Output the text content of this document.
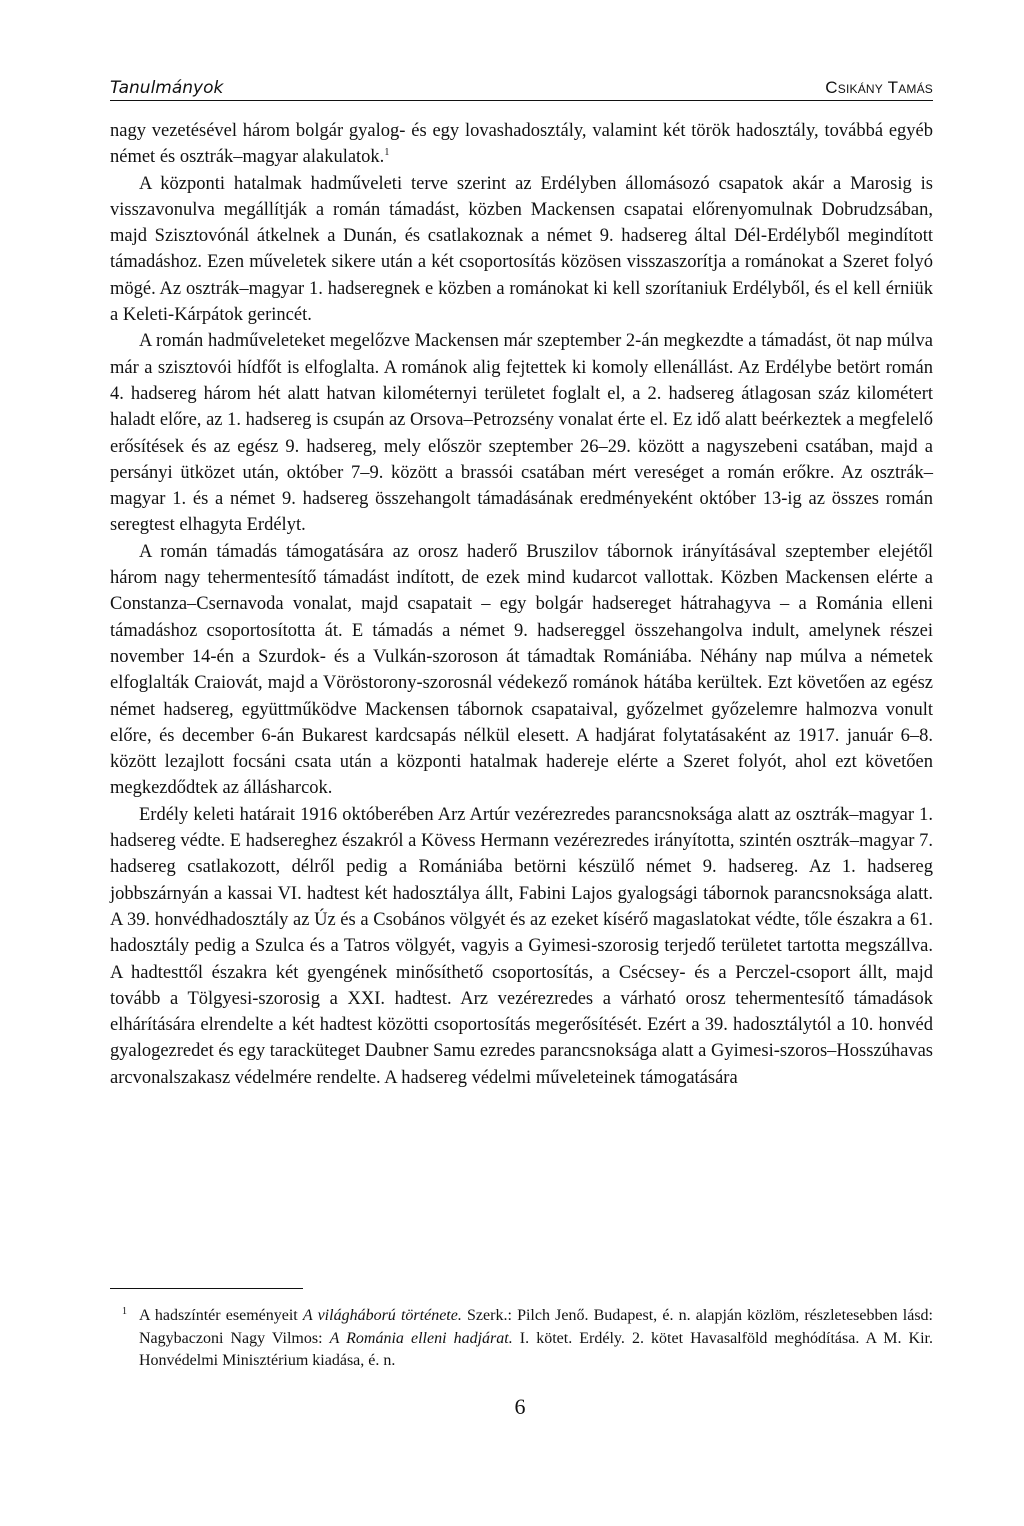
Tanulmányok	Csikány Tamás

nagy vezetésével három bolgár gyalog- és egy lovashadosztály, valamint két török hadosztály, továbbá egyéb német és osztrák–magyar alakulatok.$^1$

A központi hatalmak hadműveleti terve szerint az Erdélyben állomásozó csapatok akár a Marosig is visszavonulva megállítják a román támadást, közben Mackensen csapatai előrenyomulnak Dobrudzsában, majd Szisztovónál átkelnek a Dunán, és csatlakoznak a német 9. hadsereg által Dél-Erdélyből megindított támadáshoz. Ezen műveletek sikere után a két csoportosítás közösen visszaszorítja a románokat a Szeret folyó mögé. Az osztrák–magyar 1. hadseregnek e közben a románokat ki kell szorítaniuk Erdélyből, és el kell érniük a Keleti-Kárpátok gerincét.

A román hadműveleteket megelőzve Mackensen már szeptember 2-án megkezdte a támadást, öt nap múlva már a szisztovói hídfőt is elfoglalta. A románok alig fejtettek ki komoly ellenállást. Az Erdélybe betört román 4. hadsereg három hét alatt hatvan kilométernyi területet foglalt el, a 2. hadsereg átlagosan száz kilométert haladt előre, az 1. hadsereg is csupán az Orsova–Petrozsény vonalat érte el. Ez idő alatt beérkeztek a megfelelő erősítések és az egész 9. hadsereg, mely először szeptember 26–29. között a nagyszebeni csatában, majd a persányi ütközet után, október 7–9. között a brassói csatában mért vereséget a román erőkre. Az osztrák–magyar 1. és a német 9. hadsereg összehangolt támadásának eredményeként október 13-ig az összes román seregtest elhagyta Erdélyt.

A román támadás támogatására az orosz haderő Bruszilov tábornok irányításával szeptember elejétől három nagy tehermentesítő támadást indított, de ezek mind kudarcot vallottak. Közben Mackensen elérte a Constanza–Csernavoda vonalat, majd csapatait – egy bolgár hadsereget hátrahagyva – a Románia elleni támadáshoz csoportosította át. E támadás a német 9. hadsereggel összehangolva indult, amelynek részei november 14-én a Szurdok- és a Vulkán-szoroson át támadtak Romániába. Néhány nap múlva a németek elfoglalták Craiovát, majd a Vöröstorony-szorosnál védekező románok hátába kerültek. Ezt követően az egész német hadsereg, együttműködve Mackensen tábornok csapataival, győzelmet győzelemre halmozva vonult előre, és december 6-án Bukarest kardcsapás nélkül elesett. A hadjárat folytatásaként az 1917. január 6–8. között lezajlott focsáni csata után a központi hatalmak hadereje elérte a Szeret folyót, ahol ezt követően megkezdődtek az állásharcok.

Erdély keleti határait 1916 októberében Arz Artúr vezérezredes parancsnoksága alatt az osztrák–magyar 1. hadsereg védte. E hadsereghez északról a Kövess Hermann vezérezredes irányította, szintén osztrák–magyar 7. hadsereg csatlakozott, délről pedig a Romániába betörni készülő német 9. hadsereg. Az 1. hadsereg jobbszárnyán a kassai VI. hadtest két hadosztálya állt, Fabini Lajos gyalogsági tábornok parancsnoksága alatt. A 39. honvédhadosztály az Úz és a Csobános völgyét és az ezeket kísérő magaslatokat védte, tőle északra a 61. hadosztály pedig a Szulca és a Tatros völgyét, vagyis a Gyimesi-szorosig terjedő területet tartotta megszállva. A hadtesttől északra két gyengének minősíthető csoportosítás, a Csécsey- és a Perczel-csoport állt, majd tovább a Tölgyesi-szorosig a XXI. hadtest. Arz vezérezredes a várható orosz tehermentesítő támadások elhárítására elrendelte a két hadtest közötti csoportosítás megerősítését. Ezért a 39. hadosztálytól a 10. honvéd gyalogezredet és egy taracküteget Daubner Samu ezredes parancsnoksága alatt a Gyimesi-szoros–Hosszúhavas arcvonalszakasz védelmére rendelte. A hadsereg védelmi műveleteinek támogatására

1 A hadszíntér eseményeit A világháború története. Szerk.: Pilch Jenő. Budapest, é. n. alapján közlöm, részletesebben lásd: Nagybaczoni Nagy Vilmos: A Románia elleni hadjárat. I. kötet. Erdély. 2. kötet Havasalföld meghódítása. A M. Kir. Honvédelmi Minisztérium kiadása, é. n.

6
